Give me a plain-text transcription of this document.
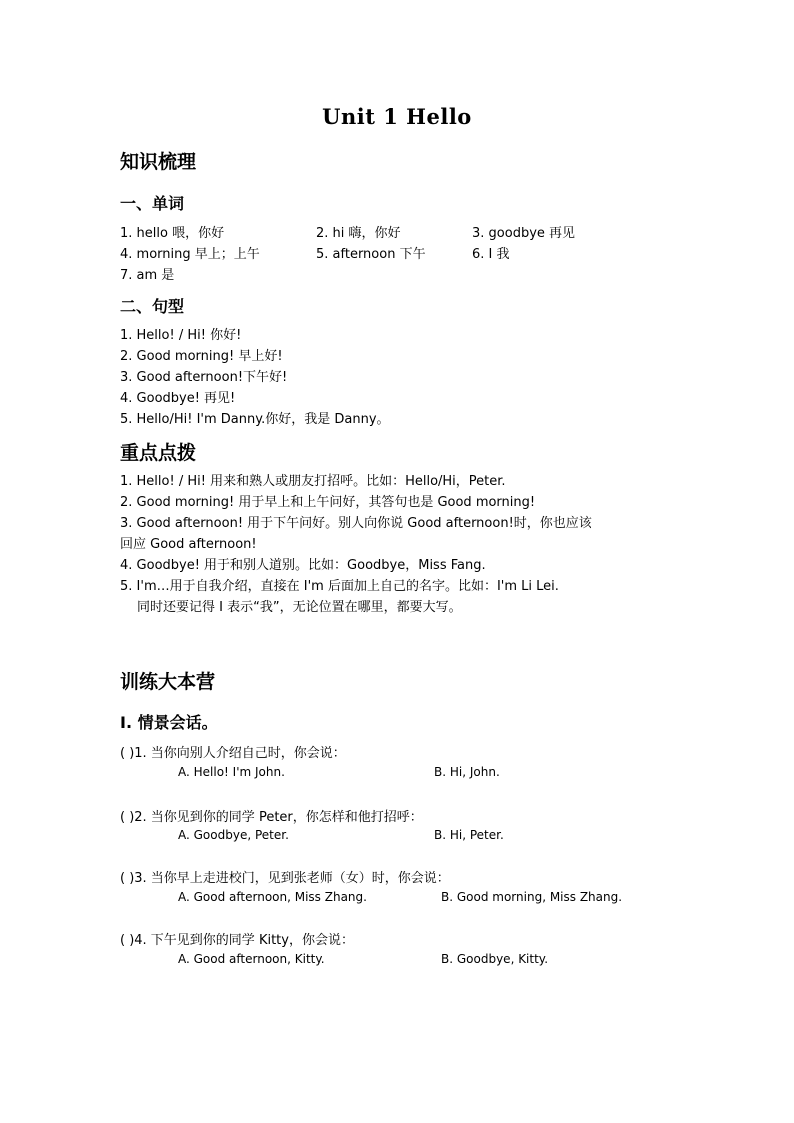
Unit 1 Hello
知识梳理
一、单词
1. hello 喂，你好	2. hi 嗨，你好	3. goodbye 再见
4. morning 早上；上午	5. afternoon 下午	6. I 我
7. am 是
二、句型
1. Hello! / Hi! 你好!
2. Good morning! 早上好!
3. Good afternoon!下午好!
4. Goodbye! 再见!
5. Hello/Hi! I'm Danny.你好，我是 Danny。
重点点拨
1. Hello! / Hi! 用来和熟人或朋友打招呼。比如：Hello/Hi，Peter.
2. Good morning! 用于早上和上午问好，其答句也是 Good morning!
3. Good afternoon! 用于下午问好。别人向你说 Good afternoon!时，你也应该
回应 Good afternoon!
4. Goodbye! 用于和别人道别。比如：Goodbye，Miss Fang.
5. I'm…用于自我介绍，直接在 I'm 后面加上自己的名字。比如：I'm Li Lei.
同时还要记得 I 表示“我”，无论位置在哪里，都要大写。
训练大本营
Ⅰ. 情景会话。
( )1. 当你向别人介绍自己时，你会说：
A. Hello! I'm John.	B. Hi, John.
( )2. 当你见到你的同学 Peter，你怎样和他打招呼：
A. Goodbye, Peter.	B. Hi, Peter.
( )3. 当你早上走进校门，见到张老师（女）时，你会说：
A. Good afternoon, Miss Zhang.	B. Good morning, Miss Zhang.
( )4. 下午见到你的同学 Kitty，你会说：
A. Good afternoon, Kitty.	B. Goodbye, Kitty.
